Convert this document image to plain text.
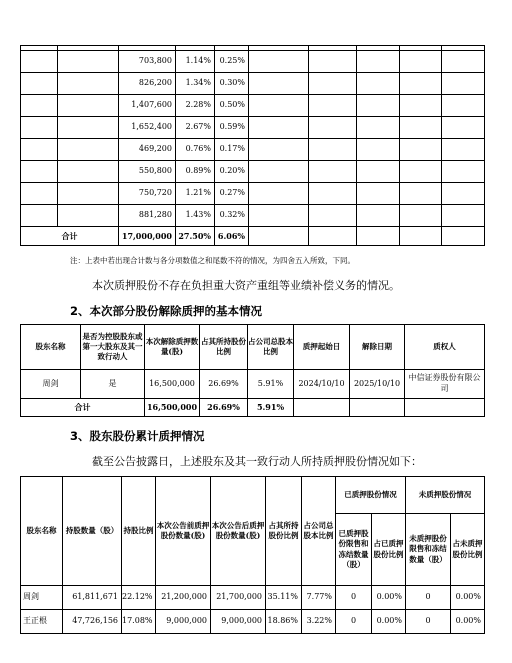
		703,800	1.14%	0.25%					
		826,200	1.34%	0.30%					
		1,407,600	2.28%	0.50%					
		1,652,400	2.67%	0.59%					
		469,200	0.76%	0.17%					
		550,800	0.89%	0.20%					
		750,720	1.21%	0.27%					
		881,280	1.43%	0.32%					
合计		17,000,000	27.50%	6.06%					
注：上表中若出现合计数与各分项数值之和尾数不符的情况，为四舍五入所致，下同。
本次质押股份不存在负担重大资产重组等业绩补偿义务的情况。
2、本次部分股份解除质押的基本情况
股东名称	是否为控股股东或第一大股东及其一致行动人	本次解除质押数量(股)	占其所持股份比例	占公司总股本比例	质押起始日	解除日期	质权人
周剑	是	16,500,000	26.69%	5.91%	2024/10/10	2025/10/10	中信证券股份有限公司
合计		16,500,000	26.69%	5.91%			
3、股东股份累计质押情况
截至公告披露日，上述股东及其一致行动人所持质押股份情况如下：
股东名称	持股数量（股）	持股比例	本次公告前质押股份数量(股)	本次公告后质押股份数量(股)	占其所持股份比例	占公司总股本比例	已质押股份情况		未质押股份情况	
							已质押股份限售和冻结数量（股）	占已质押股份比例	未质押股份限售和冻结数量（股）	占未质押股份比例
周剑	61,811,671	22.12%	21,200,000	21,700,000	35.11%	7.77%	0	0.00%	0	0.00%
王正根	47,726,156	17.08%	9,000,000	9,000,000	18.86%	3.22%	0	0.00%	0	0.00%
